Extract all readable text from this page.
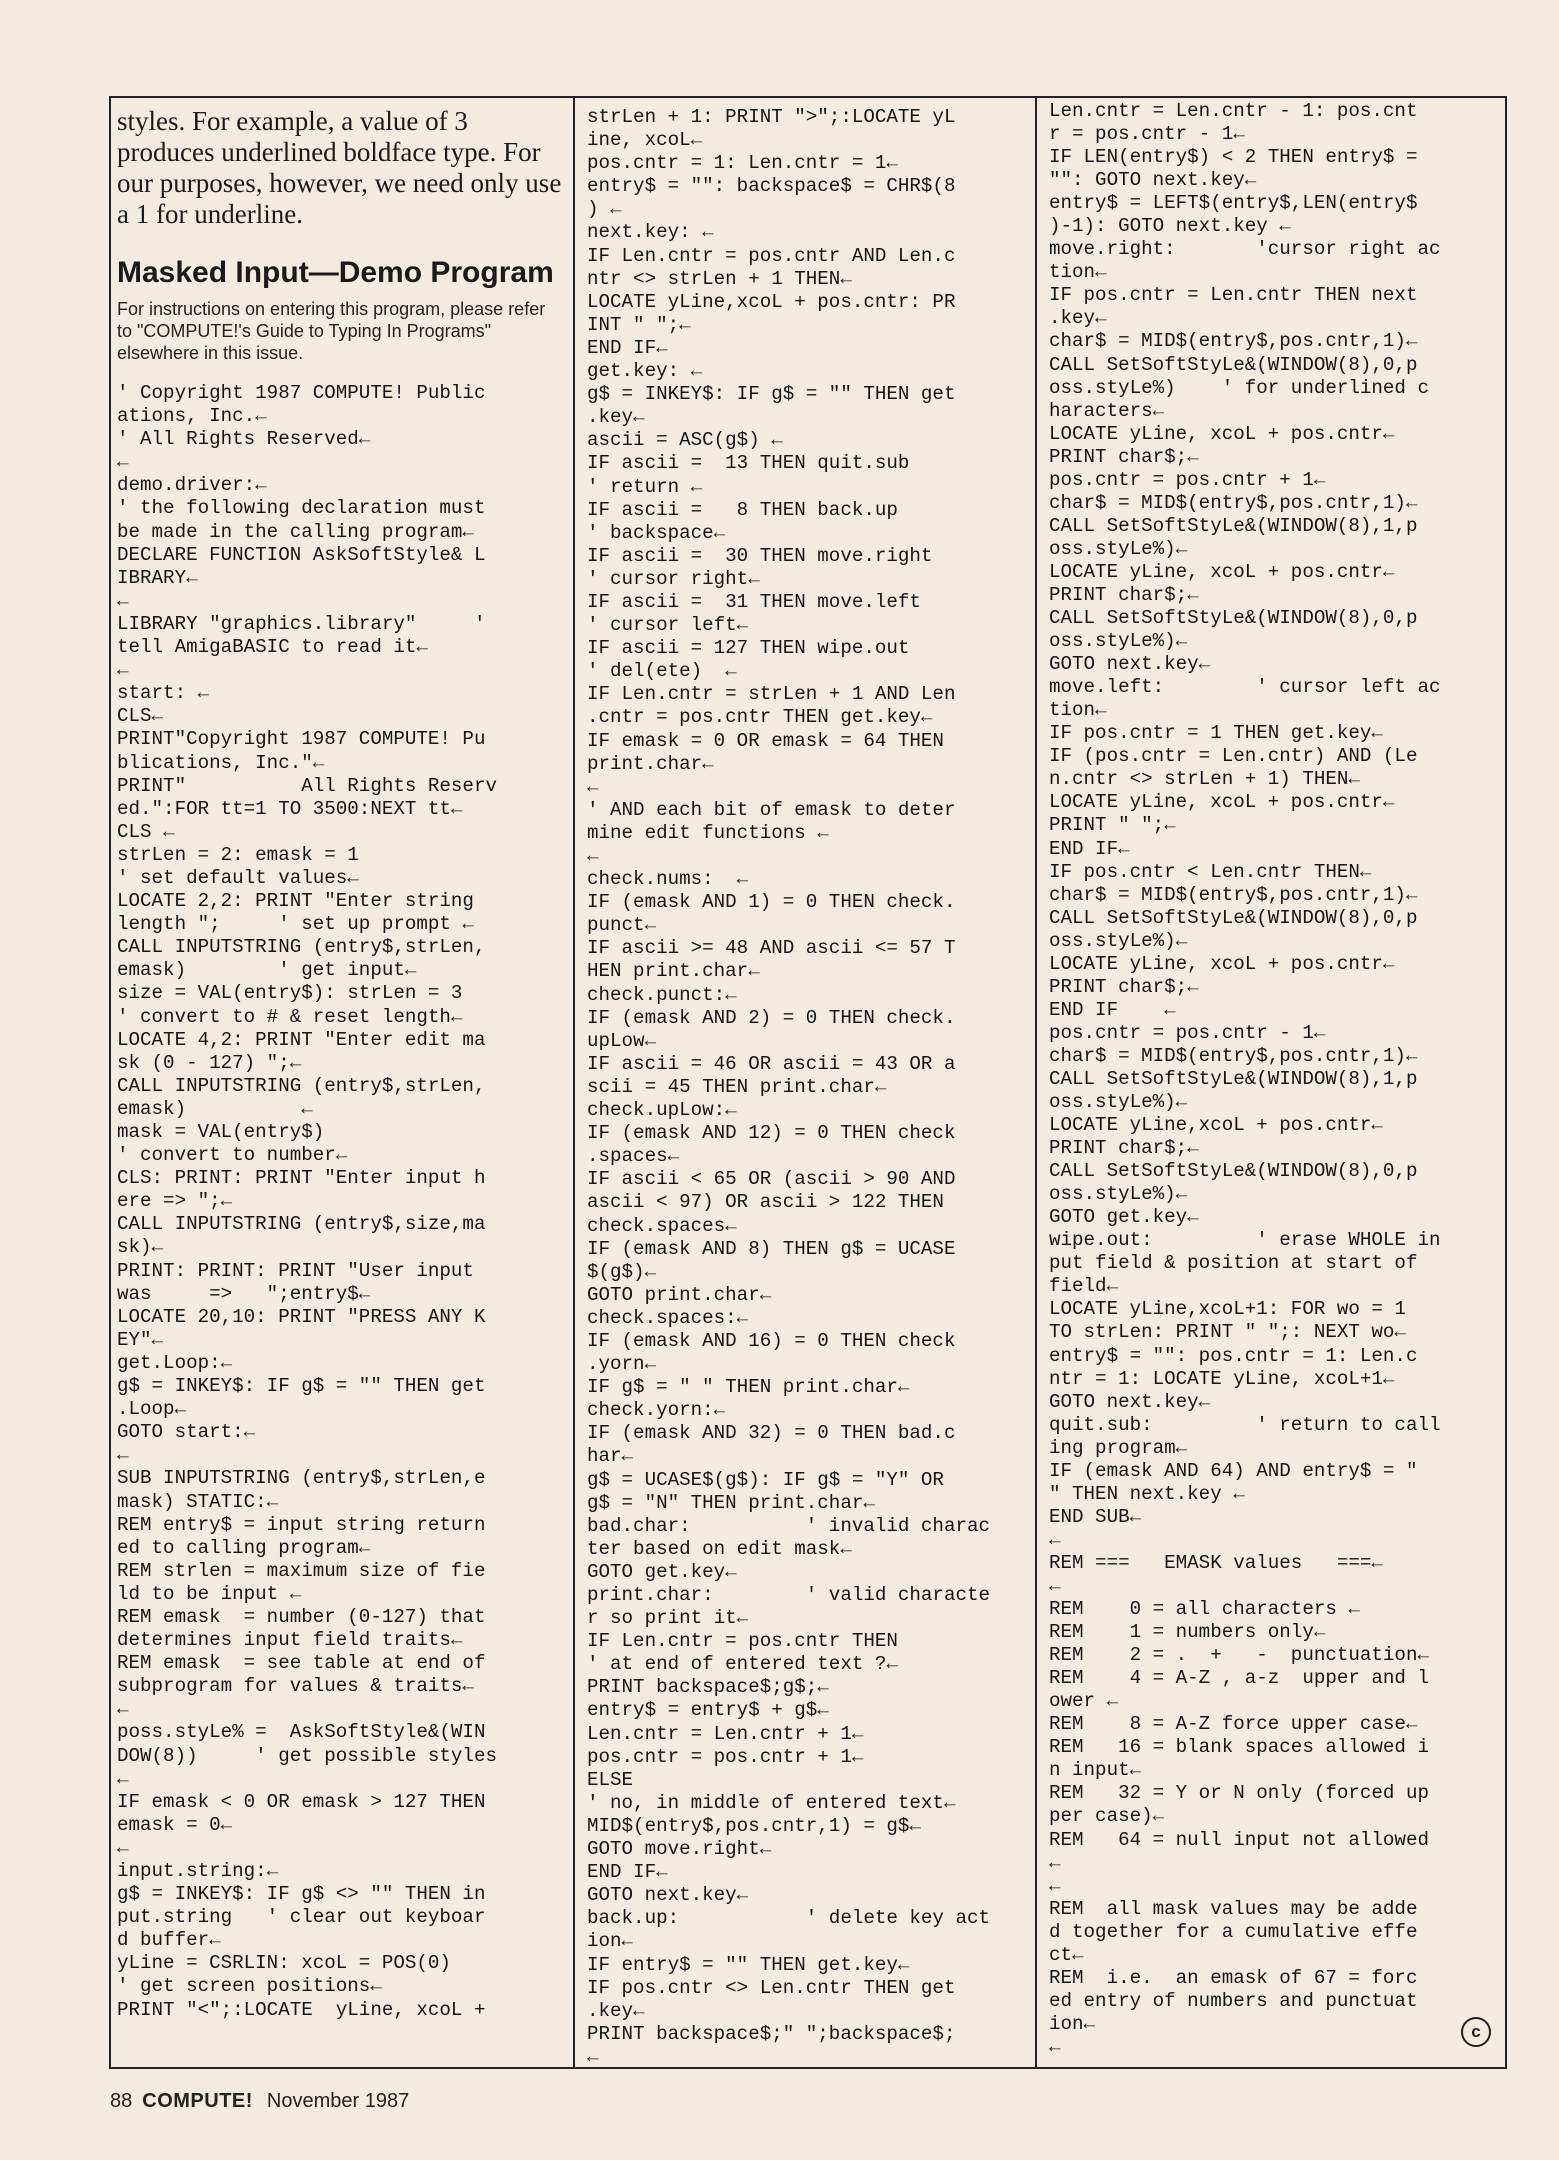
styles. For example, a value of 3 produces underlined boldface type. For our purposes, however, we need only use a 1 for underline.

Masked Input—Demo Program

For instructions on entering this program, please refer to "COMPUTE!'s Guide to Typing In Programs" elsewhere in this issue.

' Copyright 1987 COMPUTE! Public
ations, Inc.←
' All Rights Reserved←
←
demo.driver:←
' the following declaration must
be made in the calling program←
DECLARE FUNCTION AskSoftStyle& L
IBRARY←
←
LIBRARY "graphics.library"     '
tell AmigaBASIC to read it←
←
start: ←
CLS←
PRINT"Copyright 1987 COMPUTE! Pu
blications, Inc."←
PRINT"          All Rights Reserv
ed.":FOR tt=1 TO 3500:NEXT tt←
CLS ←
strLen = 2: emask = 1
' set default values←
LOCATE 2,2: PRINT "Enter string
length ";     ' set up prompt ←
CALL INPUTSTRING (entry$,strLen,
emask)        ' get input←
size = VAL(entry$): strLen = 3
' convert to # & reset length←
LOCATE 4,2: PRINT "Enter edit ma
sk (0 - 127) ";←
CALL INPUTSTRING (entry$,strLen,
emask)          ←
mask = VAL(entry$)
' convert to number←
CLS: PRINT: PRINT "Enter input h
ere => ";←
CALL INPUTSTRING (entry$,size,ma
sk)←
PRINT: PRINT: PRINT "User input
was     =>   ";entry$←
LOCATE 20,10: PRINT "PRESS ANY K
EY"←
get.Loop:←
g$ = INKEY$: IF g$ = "" THEN get
.Loop←
GOTO start:←
←
SUB INPUTSTRING (entry$,strLen,e
mask) STATIC:←
REM entry$ = input string return
ed to calling program←
REM strlen = maximum size of fie
ld to be input ←
REM emask  = number (0-127) that
determines input field traits←
REM emask  = see table at end of
subprogram for values & traits←
←
poss.styLe% =  AskSoftStyle&(WIN
DOW(8))     ' get possible styles
←
IF emask < 0 OR emask > 127 THEN
emask = 0←
←
input.string:←
g$ = INKEY$: IF g$ <> "" THEN in
put.string   ' clear out keyboar
d buffer←
yLine = CSRLIN: xcoL = POS(0)
' get screen positions←
PRINT "<";:LOCATE  yLine, xcoL +
strLen + 1: PRINT ">";:LOCATE yL
ine, xcoL←
pos.cntr = 1: Len.cntr = 1←
entry$ = "": backspace$ = CHR$(8
) ←
next.key: ←
IF Len.cntr = pos.cntr AND Len.c
ntr <> strLen + 1 THEN←
LOCATE yLine,xcoL + pos.cntr: PR
INT " ";←
END IF←
get.key: ←
g$ = INKEY$: IF g$ = "" THEN get
.key←
ascii = ASC(g$) ←
IF ascii =  13 THEN quit.sub
' return ←
IF ascii =   8 THEN back.up
' backspace←
IF ascii =  30 THEN move.right
' cursor right←
IF ascii =  31 THEN move.left
' cursor left←
IF ascii = 127 THEN wipe.out
' del(ete)  ←
IF Len.cntr = strLen + 1 AND Len
.cntr = pos.cntr THEN get.key←
IF emask = 0 OR emask = 64 THEN
print.char←
←
' AND each bit of emask to deter
mine edit functions ←
←
check.nums:  ←
IF (emask AND 1) = 0 THEN check.
punct←
IF ascii >= 48 AND ascii <= 57 T
HEN print.char←
check.punct:←
IF (emask AND 2) = 0 THEN check.
upLow←
IF ascii = 46 OR ascii = 43 OR a
scii = 45 THEN print.char←
check.upLow:←
IF (emask AND 12) = 0 THEN check
.spaces←
IF ascii < 65 OR (ascii > 90 AND
ascii < 97) OR ascii > 122 THEN
check.spaces←
IF (emask AND 8) THEN g$ = UCASE
$(g$)←
GOTO print.char←
check.spaces:←
IF (emask AND 16) = 0 THEN check
.yorn←
IF g$ = " " THEN print.char←
check.yorn:←
IF (emask AND 32) = 0 THEN bad.c
har←
g$ = UCASE$(g$): IF g$ = "Y" OR
g$ = "N" THEN print.char←
bad.char:          ' invalid charac
ter based on edit mask←
GOTO get.key←
print.char:        ' valid characte
r so print it←
IF Len.cntr = pos.cntr THEN
' at end of entered text ?←
PRINT backspace$;g$;←
entry$ = entry$ + g$←
Len.cntr = Len.cntr + 1←
pos.cntr = pos.cntr + 1←
ELSE
' no, in middle of entered text←
MID$(entry$,pos.cntr,1) = g$←
GOTO move.right←
END IF←
GOTO next.key←
back.up:           ' delete key act
ion←
IF entry$ = "" THEN get.key←
IF pos.cntr <> Len.cntr THEN get
.key←
PRINT backspace$;" ";backspace$;
←
Len.cntr = Len.cntr - 1: pos.cnt
r = pos.cntr - 1←
IF LEN(entry$) < 2 THEN entry$ =
"": GOTO next.key←
entry$ = LEFT$(entry$,LEN(entry$
)-1): GOTO next.key ←
move.right:       'cursor right ac
tion←
IF pos.cntr = Len.cntr THEN next
.key←
char$ = MID$(entry$,pos.cntr,1)←
CALL SetSoftStyLe&(WINDOW(8),0,p
oss.styLe%)    ' for underlined c
haracters←
LOCATE yLine, xcoL + pos.cntr←
PRINT char$;←
pos.cntr = pos.cntr + 1←
char$ = MID$(entry$,pos.cntr,1)←
CALL SetSoftStyLe&(WINDOW(8),1,p
oss.styLe%)←
LOCATE yLine, xcoL + pos.cntr←
PRINT char$;←
CALL SetSoftStyLe&(WINDOW(8),0,p
oss.styLe%)←
GOTO next.key←
move.left:        ' cursor left ac
tion←
IF pos.cntr = 1 THEN get.key←
IF (pos.cntr = Len.cntr) AND (Le
n.cntr <> strLen + 1) THEN←
LOCATE yLine, xcoL + pos.cntr←
PRINT " ";←
END IF←
IF pos.cntr < Len.cntr THEN←
char$ = MID$(entry$,pos.cntr,1)←
CALL SetSoftStyLe&(WINDOW(8),0,p
oss.styLe%)←
LOCATE yLine, xcoL + pos.cntr←
PRINT char$;←
END IF    ←
pos.cntr = pos.cntr - 1←
char$ = MID$(entry$,pos.cntr,1)←
CALL SetSoftStyLe&(WINDOW(8),1,p
oss.styLe%)←
LOCATE yLine,xcoL + pos.cntr←
PRINT char$;←
CALL SetSoftStyLe&(WINDOW(8),0,p
oss.styLe%)←
GOTO get.key←
wipe.out:         ' erase WHOLE in
put field & position at start of
field←
LOCATE yLine,xcoL+1: FOR wo = 1
TO strLen: PRINT " ";: NEXT wo←
entry$ = "": pos.cntr = 1: Len.c
ntr = 1: LOCATE yLine, xcoL+1←
GOTO next.key←
quit.sub:         ' return to call
ing program←
IF (emask AND 64) AND entry$ = "
" THEN next.key ←
END SUB←
←
REM ===   EMASK values   ===←
←
REM    0 = all characters ←
REM    1 = numbers only←
REM    2 = .  +   -  punctuation←
REM    4 = A-Z , a-z  upper and l
ower ←
REM    8 = A-Z force upper case←
REM   16 = blank spaces allowed i
n input←
REM   32 = Y or N only (forced up
per case)←
REM   64 = null input not allowed
←
←
REM  all mask values may be adde
d together for a cumulative effe
ct←
REM  i.e.  an emask of 67 = forc
ed entry of numbers and punctuat
ion←
←
c
88 COMPUTE! November 1987
